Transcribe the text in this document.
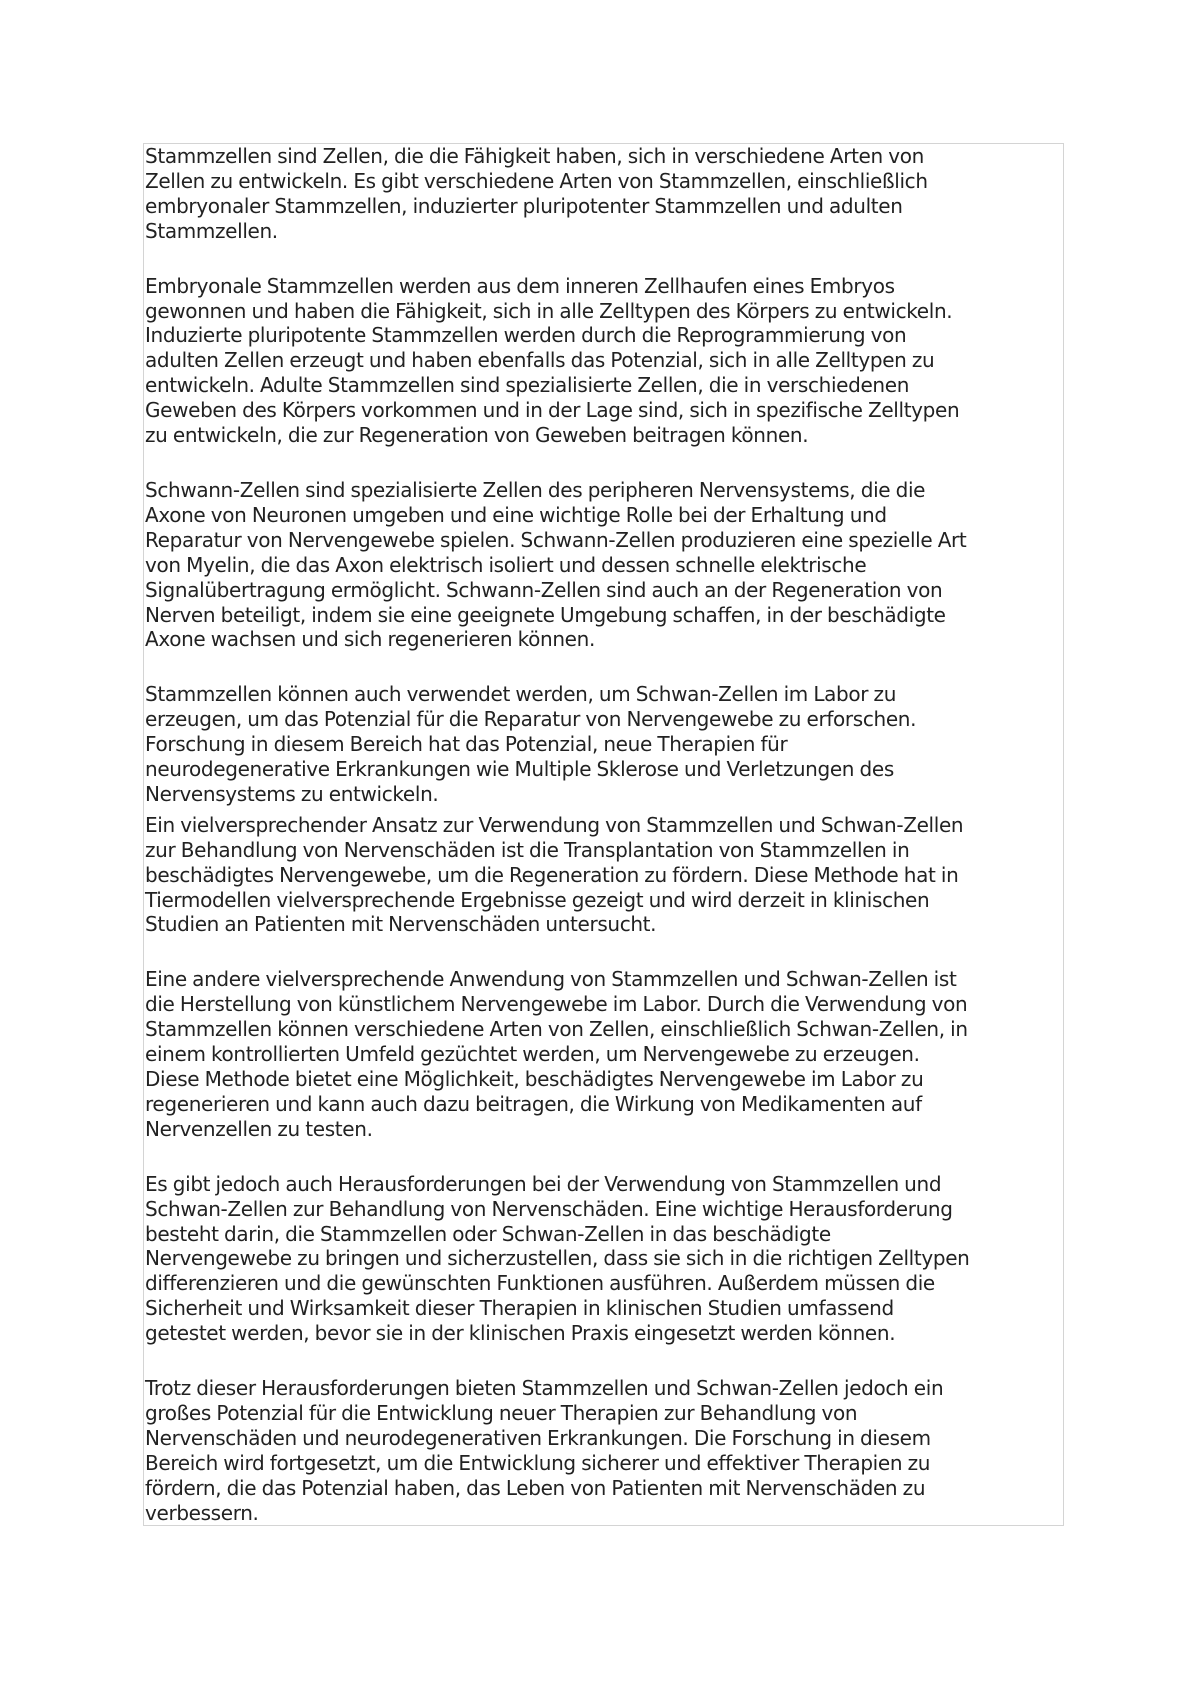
Stammzellen sind Zellen, die die Fähigkeit haben, sich in verschiedene Arten von
Zellen zu entwickeln. Es gibt verschiedene Arten von Stammzellen, einschließlich
embryonaler Stammzellen, induzierter pluripotenter Stammzellen und adulten
Stammzellen.

Embryonale Stammzellen werden aus dem inneren Zellhaufen eines Embryos
gewonnen und haben die Fähigkeit, sich in alle Zelltypen des Körpers zu entwickeln.
Induzierte pluripotente Stammzellen werden durch die Reprogrammierung von
adulten Zellen erzeugt und haben ebenfalls das Potenzial, sich in alle Zelltypen zu
entwickeln. Adulte Stammzellen sind spezialisierte Zellen, die in verschiedenen
Geweben des Körpers vorkommen und in der Lage sind, sich in spezifische Zelltypen
zu entwickeln, die zur Regeneration von Geweben beitragen können.

Schwann-Zellen sind spezialisierte Zellen des peripheren Nervensystems, die die
Axone von Neuronen umgeben und eine wichtige Rolle bei der Erhaltung und
Reparatur von Nervengewebe spielen. Schwann-Zellen produzieren eine spezielle Art
von Myelin, die das Axon elektrisch isoliert und dessen schnelle elektrische
Signalübertragung ermöglicht. Schwann-Zellen sind auch an der Regeneration von
Nerven beteiligt, indem sie eine geeignete Umgebung schaffen, in der beschädigte
Axone wachsen und sich regenerieren können.

Stammzellen können auch verwendet werden, um Schwan-Zellen im Labor zu
erzeugen, um das Potenzial für die Reparatur von Nervengewebe zu erforschen.
Forschung in diesem Bereich hat das Potenzial, neue Therapien für
neurodegenerative Erkrankungen wie Multiple Sklerose und Verletzungen des
Nervensystems zu entwickeln.

Ein vielversprechender Ansatz zur Verwendung von Stammzellen und Schwan-Zellen
zur Behandlung von Nervenschäden ist die Transplantation von Stammzellen in
beschädigtes Nervengewebe, um die Regeneration zu fördern. Diese Methode hat in
Tiermodellen vielversprechende Ergebnisse gezeigt und wird derzeit in klinischen
Studien an Patienten mit Nervenschäden untersucht.

Eine andere vielversprechende Anwendung von Stammzellen und Schwan-Zellen ist
die Herstellung von künstlichem Nervengewebe im Labor. Durch die Verwendung von
Stammzellen können verschiedene Arten von Zellen, einschließlich Schwan-Zellen, in
einem kontrollierten Umfeld gezüchtet werden, um Nervengewebe zu erzeugen.
Diese Methode bietet eine Möglichkeit, beschädigtes Nervengewebe im Labor zu
regenerieren und kann auch dazu beitragen, die Wirkung von Medikamenten auf
Nervenzellen zu testen.

Es gibt jedoch auch Herausforderungen bei der Verwendung von Stammzellen und
Schwan-Zellen zur Behandlung von Nervenschäden. Eine wichtige Herausforderung
besteht darin, die Stammzellen oder Schwan-Zellen in das beschädigte
Nervengewebe zu bringen und sicherzustellen, dass sie sich in die richtigen Zelltypen
differenzieren und die gewünschten Funktionen ausführen. Außerdem müssen die
Sicherheit und Wirksamkeit dieser Therapien in klinischen Studien umfassend
getestet werden, bevor sie in der klinischen Praxis eingesetzt werden können.

Trotz dieser Herausforderungen bieten Stammzellen und Schwan-Zellen jedoch ein
großes Potenzial für die Entwicklung neuer Therapien zur Behandlung von
Nervenschäden und neurodegenerativen Erkrankungen. Die Forschung in diesem
Bereich wird fortgesetzt, um die Entwicklung sicherer und effektiver Therapien zu
fördern, die das Potenzial haben, das Leben von Patienten mit Nervenschäden zu
verbessern.
